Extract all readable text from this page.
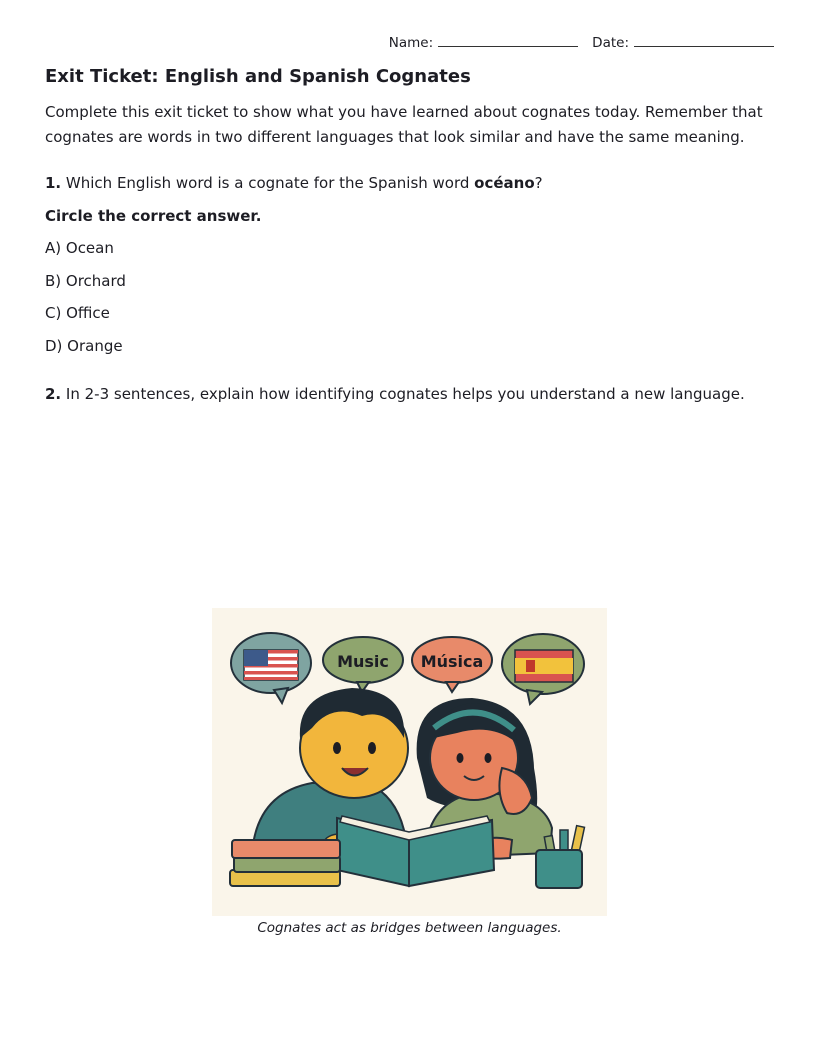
Name:	Date:
Exit Ticket: English and Spanish Cognates

Complete this exit ticket to show what you have learned about cognates today. Remember that cognates are words in two different languages that look similar and have the same meaning.

1. Which English word is a cognate for the Spanish word océano?

Circle the correct answer.

A) Ocean

B) Orchard

C) Office

D) Orange

2. In 2-3 sentences, explain how identifying cognates helps you understand a new language.

Music Música
Cognates act as bridges between languages.
